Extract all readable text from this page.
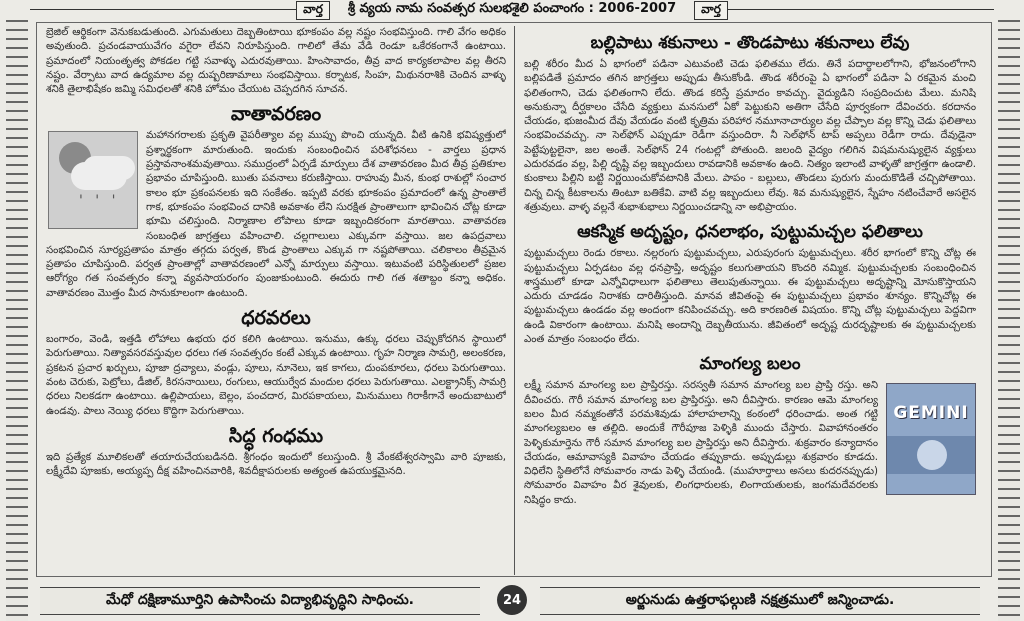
వార్త	శ్రీ వ్యయ నామ సంవత్సర సులభశైలి పంచాంగం : 2006-2007	వార్త

బ్రెజిల్ ఆర్థికంగా వెనుకబడుతుంది. ఎగుమతులు దెబ్బతింటాయి భూకంపం వల్ల నష్టం సంభవిస్తుంది. గాలి వేగం అధికం అవుతుంది. ప్రచండవాయువేగం వగైరా లేవని నిరూపిస్తుంది. గాలిలో తేమ వేడి రెండూ ఒకేరకంగానే ఉంటాయి. ప్రమాదంలో నియంతృత్వ పోకడల గట్టి సవాళ్ళు ఎదురవుతాయి. హింసావాదం, తీవ్ర వాద కార్యకలాపాల వల్ల తీరని నష్టం. వేర్పాటు వాద ఉద్యమాల వల్ల దుష్పరిణామాలు సంభవిస్తాయి. కర్నాటక, సింహ, మిథునరాశికి చెందిన వాళ్ళు శనికి తైలాభిషేకం జమ్మి సమిధలతో శనికి హోమం చేయుట చెప్పదగిన సూచన.

వాతావరణం
' ' '

మహానగరాలకు ప్రకృతి వైపరీత్యాల వల్ల ముప్పు పొంచి యున్నది. వీటి ఉనికి భవిష్యత్తులో ప్రశ్నార్థకంగా మారుతుంది. ఇందుకు సంబంధించిన పరిశోధనలు - వార్తలు ప్రధాన ప్రస్తావనాంశమవుతాయి. సముద్రంలో ఏర్పడే మార్పులు దేశ వాతావరణం మీద తీవ్ర ప్రతికూల ప్రభావం చూపిస్తుంది. ఋతు పవనాలు కరుణిస్తాయి. రాహువు మీన, కుంభ రాశుల్లో సంచార కాలం భూ ప్రకంపనలకు ఇది సంకేతం. ఇప్పటి వరకు భూకంపం ప్రమాదంలో ఉన్న ప్రాంతాలే గాక, భూకంపం సంభవించ దానికి అవకాశం లేని సురక్షిత ప్రాంతాలుగా భావించిన చోట్ల కూడా భూమి చలిస్తుంది. నిర్మాణాల లోపాలు కూడా ఇబ్బందికరంగా మారతాయి. వాతావరణ సంబంధిత జాగ్రత్తలు వహించాలి. చల్లగాలులు ఎక్కువగా వస్తాయి. జల ఉపద్రవాలు సంభవించిన సూర్యప్రతాపం మాత్రం తగ్గదు పర్వత, కొండ ప్రాంతాలు ఎక్కువ గా నష్టపోతాయి. చలికాలం తీవ్రమైన ప్రతాపం చూపిస్తుంది. పర్వత ప్రాంతాల్లో వాతావరణంలో ఎన్నో మార్పులు వస్తాయి. ఇటువంటి పరిస్థితులలో ప్రజల ఆరోగ్యం గత సంవత్సరం కన్నా వ్యవసాయరంగం పుంజుకుంటుంది. ఈదురు గాలి గత శతాబ్దం కన్నా అధికం. వాతావరణం మొత్తం మీద సానుకూలంగా ఉంటుంది.

ధరవరలు

బంగారం, వెండి, ఇత్తడి లోహాలు ఉభయ ధర కలిగి ఉంటాయి. ఇనుము, ఉక్కు ధరలు చెప్పుకోదగిన స్థాయిలో పెరుగుతాయి. నిత్యావసరవస్తువుల ధరలు గత సంవత్సరం కంటే ఎక్కువ ఉంటాయి. గృహ నిర్మాణ సామగ్రి, అలంకరణ, ప్రకటన ప్రచార ఖర్చులు, పూజా ద్రవ్యాలు, వండ్లు, పూలు, నూనెలు, ఇక కాగలు, దుంపకూరలు, ధరలు పెరుగుతాయి. వంట చెరుకు, పెట్రోలు, డీజిల్, కిరసనాయిలు, రంగులు, ఆయుర్వేద మందుల ధరలు పెరుగుతాయి. ఎలక్ట్రానిక్స్ సామగ్రి ధరలు నిలకడగా ఉంటాయి. ఉల్లిపాయలు, బెల్లం, పంచదార, మిరపకాయలు, మినుములు గిరాకీగానే అందుబాటులో ఉండవు. పాలు నెయ్యి ధరలు కొద్దిగా పెరుగుతాయి.

సిద్ధ గంధము

ఇది ప్రత్యేక మూలికలతో తయారుచేయబడినది. శ్రీగంధం ఇందులో కలుస్తుంది. శ్రీ వేంకటేశ్వరస్వామి వారి పూజకు, లక్ష్మీదేవి పూజకు, అయ్యప్ప దీక్ష వహించినవారికి, శివదీక్షాపరులకు అత్యంత ఉపయుక్తమైనది.

బల్లిపాటు శకునాలు - తొండపాటు శకునాలు లేవు

బల్లి శరీరం మీద ఏ భాగంలో పడినా ఎటువంటి చెడు ఫలితము లేదు. తినే పదార్థాలలోగాని, భోజనంలోగాని బల్లిపడితే ప్రమాదం తగిన జాగ్రత్తలు అప్పుడు తీసుకోండి. తొండ శరీరంపై ఏ భాగంలో పడినా ఏ రకమైన మంచి ఫలితంగాని, చెడు ఫలితంగాని లేదు. తొండ కరిస్తే ప్రమాదం కావచ్చు. వైద్యుడిని సంప్రదించుట మేలు. మనిషి అనుకున్నా దీర్ఘకాలం చేసేది వ్యక్తులు మనసులో ఏకో పెట్టుకుని అతిగా చేసేది పూర్వకంగా దేవించరు. కరదానం చేయడం, భుజంమీద దేవు వేయడం వంటి కృత్రిమ పరిహార నమూనాచార్యుల వల్ల చేప్పాల వల్ల కొన్ని చెడు ఫలితాలు సంభవించవచ్చు. నా సెల్‌ఫోన్ ఎప్పుడూ రెడీగా వస్తుందిరా. నీ సెల్‌ఫోన్ టాప్ అప్పలు రెడీగా రాదు. దేవుడైనా పెట్టేపుట్టలైనా, జల అంతే. సెల్‌ఫోన్ 24 గంటల్లో పోతుంది. జలంది వైద్యం గలిగిన విషమనుష్యులైన వ్యక్తులు ఎదురవడం వల్ల, పిల్లి దృష్టి వల్ల ఇబ్బందులు రావడానికి అవకాశం ఉంది. నిత్యం ఇలాంటి వాళ్ళతో జాగ్రత్తగా ఉండాలి. కుంకాలు పిల్లిని బట్టి నిర్ణయించుకోవటానికి మేలు. పాపం - బల్లులు, తొండలు పురుగు మందుకొడితే చచ్చిపోతాయి. చిన్న చిన్న కీటకాలను తింటూ బతికేవి. వాటి వల్ల ఇబ్బందులు లేవు. శివ మనుష్యులైన, స్నేహం నటించేవారే అసలైన శత్రువులు. వాళ్ళ వల్లనే శుభాశుభాలు నిర్ణయించడాన్ని నా అభిప్రాయం.

ఆకస్మిక అదృష్టం, ధనలాభం, పుట్టుమచ్చల ఫలితాలు

పుట్టుమచ్చలు రెండు రకాలు. నల్లరంగు పుట్టుమచ్చలు, ఎరుపురంగు పుట్టుమచ్చలు. శరీర భాగంలో కొన్ని చోట్ల ఈ పుట్టుమచ్చలు ఏర్పడటం వల్ల ధనప్రాప్తి, అదృష్టం కలుగుతాయని కొందరి నమ్మిక. పుట్టుమచ్చలకు సంబంధించిన శాస్త్రములో కూడా ఎన్నోవిధాలుగా ఫలితాలు తెలుపుతున్నాయి. ఈ పుట్టుమచ్చలు అదృష్టాన్ని మోసుకొస్తాయని ఎదురు చూడడం నిరాశకు దారితీస్తుంది. మానవ జీవితంపై ఈ పుట్టుమచ్చలు ప్రభావం శూన్యం. కొన్నిచోట్ల ఈ పుట్టుమచ్చలు ఉండడం వల్ల అందంగా కనిపించవచ్చు. అది కారణరిత విషయం. కొన్ని చోట్ల పుట్టుమచ్చలు పెద్దవిగా ఉండి వికారంగా ఉంటాయి. మనిషి అందాన్ని దెబ్బతీయును. జీవితంలో అదృష్ట దురదృష్టాలకు ఈ పుట్టుమచ్చలకు ఎంత మాత్రం సంబంధం లేదు.

మాంగల్య బలం
GEMINI

లక్ష్మీ సమాన మాంగల్య బల ప్రాప్తిరస్తు. సరస్వతీ సమాన మాంగల్య బల ప్రాప్తి రస్తు. అని దీవించరు. గౌరీ సమాన మాంగల్య బల ప్రాప్తిరస్తు. అని దీవిస్తారు. కారణం ఆమె మాంగల్య బలం మీద నమ్మకంతోనే పరమశివుడు హాలాహలాన్ని కంఠంలో ధరించాడు. అంత గట్టి మాంగల్యబలం ఆ తల్లిది. అందుకే గౌరీపూజ పెళ్ళికి ముందు చేస్తారు. వివాహానంతరం పెళ్ళికుమార్తెను గౌరీ సమాన మాంగల్య బల ప్రాప్తిరస్తు అని దీవిస్తారు. శుక్రవారం కన్యాదానం చేయడం, ఆమావాస్యకి వివాహం చేయడం తప్పుకాదు. అప్పుడుల్లు శుక్రవారం కూడదు. విధిలేని స్థితిలోనే సోమవారం నాడు పెళ్ళి చేయండి. (ముహూర్తాలు అసలు కుదరనప్పుడు) సోమవారం వివాహం వీర శైవులకు, లింగధారులకు, లింగాయతులకు, జంగమదేవరలకు నిషిద్ధం కాదు.

మేధో దక్షిణామూర్తిని ఉపాసించు విద్యాభివృద్ధిని సాధించు.	24	అర్జునుడు ఉత్తరాఫల్గుణి నక్షత్రములో జన్మించాడు.
